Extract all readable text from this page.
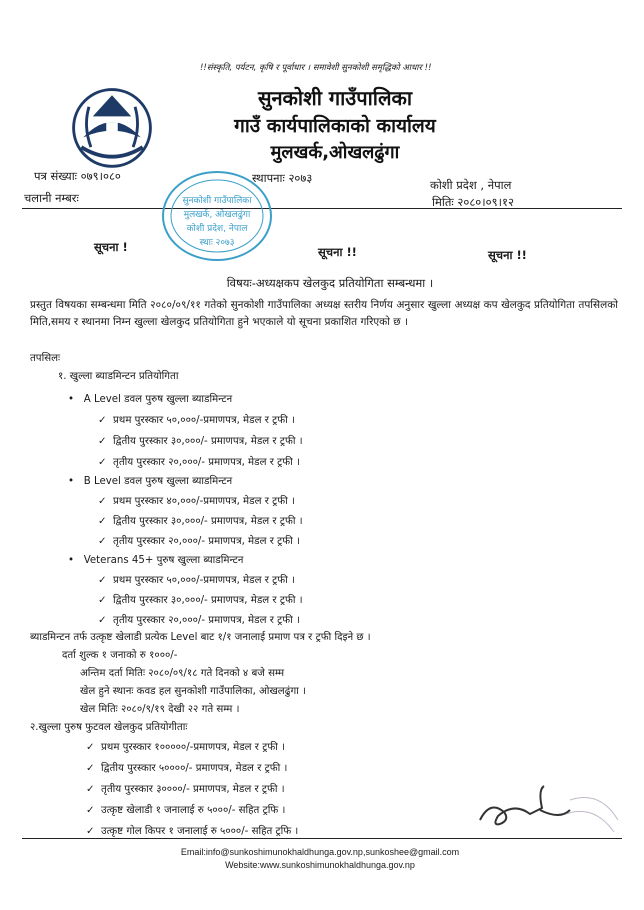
!!संस्कृति, पर्यटन, कृषि र पूर्वाधार । समावेशी सुनकोशी समृद्धिको आधार !!
सुनकोशी गाउँपालिका
गाउँ कार्यपालिकाको कार्यालय
मुलखर्क,ओखलढुंगा
पत्र संख्याः ०७९।०८०	स्थापनाः २०७३	कोशी प्रदेश , नेपाल
चलानी नम्बरः	मितिः २०८०।०९।१२
सुनकोशी गाउँपालिका
मुलखर्क, ओखलढुंगा
कोशी प्रदेश, नेपाल
स्थाः २०७३
सूचना !	सूचना !!	सूचना !!
विषयः-अध्यक्षकप खेलकुद प्रतियोगिता सम्बन्धमा ।
प्रस्तुत विषयका सम्बन्धमा मिति २०८०/०९/११ गतेको सुनकोशी गाउँपालिका अध्यक्ष स्तरीय निर्णय अनुसार खुल्ला अध्यक्ष कप खेलकुद प्रतियोगिता तपसिलको मिति,समय र स्थानमा निम्न खुल्ला खेलकुद प्रतियोगिता हुने भएकाले यो सूचना प्रकाशित गरिएको छ ।
तपसिलः
१. खुल्ला ब्याडमिन्टन प्रतियोगिता
•   A Level डवल पुरुष खुल्ला ब्याडमिन्टन
✓  प्रथम पुरस्कार ५०,०००/-प्रमाणपत्र, मेडल र ट्रफी ।
✓  द्वितीय पुरस्कार ३०,०००/- प्रमाणपत्र, मेडल र ट्रफी ।
✓  तृतीय पुरस्कार २०,०००/- प्रमाणपत्र, मेडल र ट्रफी ।
•   B Level डवल पुरुष खुल्ला ब्याडमिन्टन
✓  प्रथम पुरस्कार ४०,०००/-प्रमाणपत्र, मेडल र ट्रफी ।
✓  द्वितीय पुरस्कार ३०,०००/- प्रमाणपत्र, मेडल र ट्रफी ।
✓  तृतीय पुरस्कार २०,०००/- प्रमाणपत्र, मेडल र ट्रफी ।
•   Veterans 45+ पुरुष खुल्ला ब्याडमिन्टन
✓  प्रथम पुरस्कार ५०,०००/-प्रमाणपत्र, मेडल र ट्रफी ।
✓  द्वितीय पुरस्कार ३०,०००/- प्रमाणपत्र, मेडल र ट्रफी ।
✓  तृतीय पुरस्कार २०,०००/- प्रमाणपत्र, मेडल र ट्रफी ।
ब्याडमिन्टन तर्फ उत्कृष्ट खेलाडी प्रत्येक Level बाट १/१ जनालाई प्रमाण पत्र र ट्रफी दिइने छ ।
दर्ता शुल्क १ जनाको रु १०००/-
अन्तिम दर्ता मितिः २०८०/०९/१८ गते दिनको ४ बजे सम्म
खेल हुने स्थानः कवड हल सुनकोशी गाउँपालिका, ओखलढुंगा ।
खेल मितिः २०८०/९/१९ देखी २२ गते सम्म ।
२.खुल्ला पुरुष फुटवल खेलकुद प्रतियोगीताः
✓  प्रथम पुरस्कार १०००००/-प्रमाणपत्र, मेडल र ट्रफी ।
✓  द्वितीय पुरस्कार ५००००/- प्रमाणपत्र, मेडल र ट्रफी ।
✓  तृतीय पुरस्कार ३००००/- प्रमाणपत्र, मेडल र ट्रफी ।
✓  उत्कृष्ट खेलाडी १ जनालाई रु ५०००/- सहित ट्रफि ।
✓  उत्कृष्ट गोल किपर १ जनालाई रु ५०००/- सहित ट्रफि ।
Email:info@sunkoshimunokhaldhunga.gov.np,sunkoshee@gmail.com
Website:www.sunkoshimunokhaldhunga.gov.np
